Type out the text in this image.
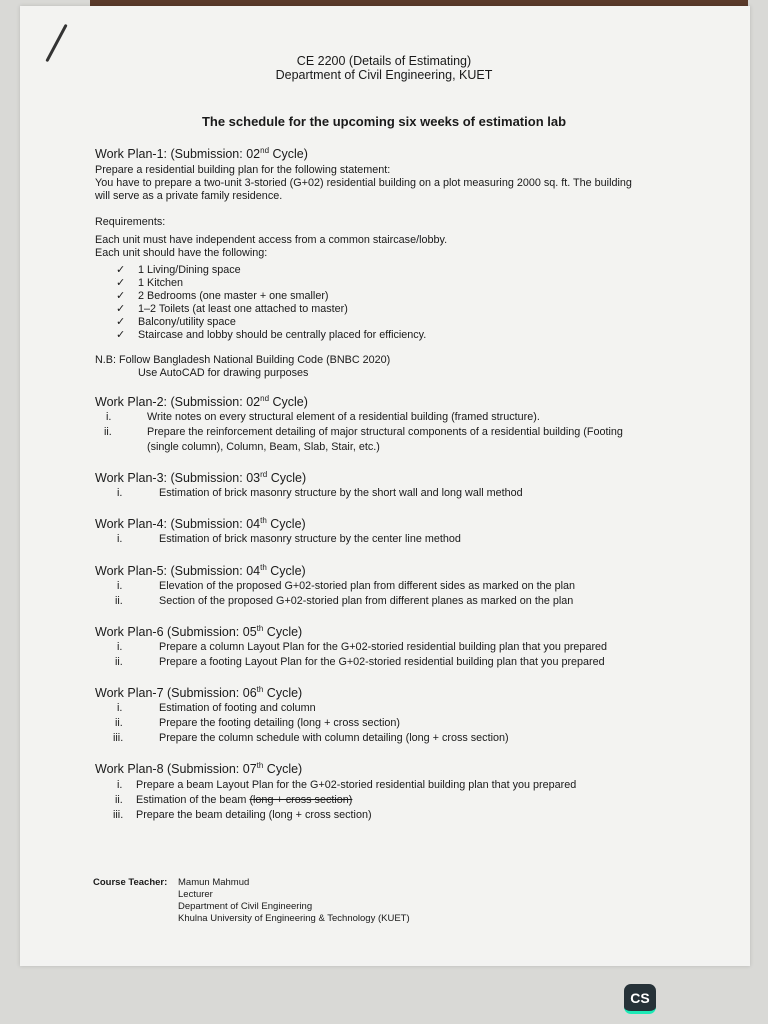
CE 2200 (Details of Estimating)
Department of Civil Engineering, KUET
The schedule for the upcoming six weeks of estimation lab
Work Plan-1: (Submission: 02nd Cycle)
Prepare a residential building plan for the following statement:
You have to prepare a two-unit 3-storied (G+02) residential building on a plot measuring 2000 sq. ft. The building
will serve as a private family residence.
Requirements:
Each unit must have independent access from a common staircase/lobby.
Each unit should have the following:
✓ 1 Living/Dining space
✓ 1 Kitchen
✓ 2 Bedrooms (one master + one smaller)
✓ 1–2 Toilets (at least one attached to master)
✓ Balcony/utility space
✓ Staircase and lobby should be centrally placed for efficiency.
N.B: Follow Bangladesh National Building Code (BNBC 2020)
Use AutoCAD for drawing purposes
Work Plan-2: (Submission: 02nd Cycle)
i.	Write notes on every structural element of a residential building (framed structure).
ii.	Prepare the reinforcement detailing of major structural components of a residential building (Footing
(single column), Column, Beam, Slab, Stair, etc.)
Work Plan-3: (Submission: 03rd Cycle)
i.	Estimation of brick masonry structure by the short wall and long wall method
Work Plan-4: (Submission: 04th Cycle)
i.	Estimation of brick masonry structure by the center line method
Work Plan-5: (Submission: 04th Cycle)
i.	Elevation of the proposed G+02-storied plan from different sides as marked on the plan
ii.	Section of the proposed G+02-storied plan from different planes as marked on the plan
Work Plan-6 (Submission: 05th Cycle)
i.	Prepare a column Layout Plan for the G+02-storied residential building plan that you prepared
ii.	Prepare a footing Layout Plan for the G+02-storied residential building plan that you prepared
Work Plan-7 (Submission: 06th Cycle)
i.	Estimation of footing and column
ii.	Prepare the footing detailing (long + cross section)
iii.	Prepare the column schedule with column detailing (long + cross section)
Work Plan-8 (Submission: 07th Cycle)
i. Prepare a beam Layout Plan for the G+02-storied residential building plan that you prepared
ii. Estimation of the beam (long + cross section)
iii. Prepare the beam detailing (long + cross section)
Course Teacher: Mamun Mahmud
Lecturer
Department of Civil Engineering
Khulna University of Engineering & Technology (KUET)
CS
